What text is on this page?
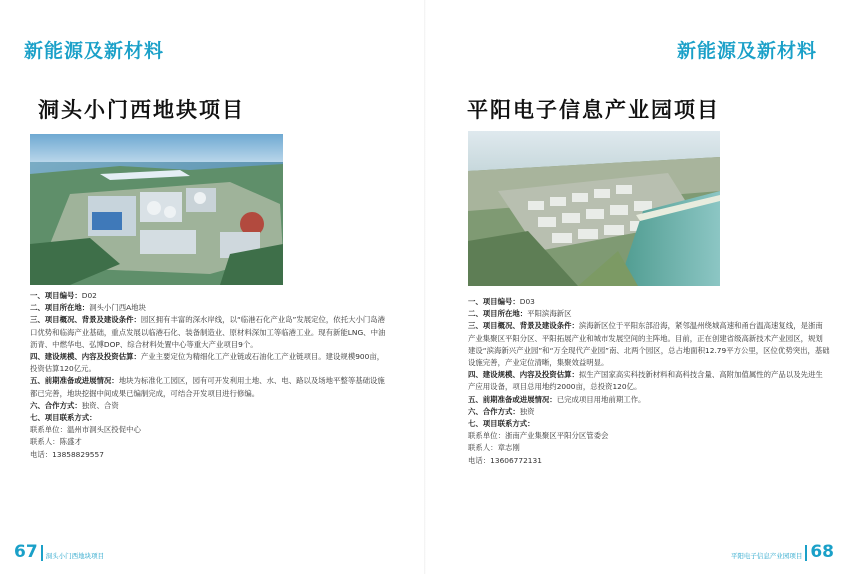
新能源及新材料
洞头小门西地块项目

一、项目编号：D02

二、项目所在地：洞头小门西A地块

三、项目概况、背景及建设条件：园区拥有丰富的深水岸线，以“临港石化产业岛”发展定位，依托大小门岛港口优势和临海产业基础，重点发展以临港石化、装备制造业、原材料深加工等临港工业。现有新能LNG、中油沥青、中燃华电、弘博DOP、综合材料处置中心等重大产业项目9个。

四、建设规模、内容及投资估算：产业主要定位为精细化工产业链或石油化工产业链项目。建设规模900亩，投资估算120亿元。

五、前期准备或进展情况：地块为标准化工园区，园有可开发利用土地、水、电、路以及场地平整等基础设施都已完善，地块挖掘中间成果已编制完成，可结合开发项目进行修编。

六、合作方式：独资、合资

七、项目联系方式：

联系单位：温州市洞头区投促中心

联系人：陈盛才

电话：13858829557

67 洞头小门西地块项目
新能源及新材料
平阳电子信息产业园项目

一、项目编号：D03

二、项目所在地：平阳滨海新区

三、项目概况、背景及建设条件：滨海新区位于平阳东部沿海，紧邻温州绕城高速和甬台温高速复线，是浙南产业集聚区平阳分区、平阳拓展产业和城市发展空间的主阵地。目前，正在创建省级高新技术产业园区，规划建设“滨海新兴产业园”和“万全现代产业园”南、北两个园区，总占地面积12.79平方公里，区位优势突出，基础设施完善，产业定位清晰，集聚效益明显。

四、建设规模、内容及投资估算：拟生产国家高实科技新材料和高科技含量、高附加值属性的产品以及先进生产应用设备，项目总用地约2000亩，总投资120亿。

五、前期准备或进展情况：已完成项目用地前期工作。

六、合作方式：独资

七、项目联系方式：

联系单位：浙南产业集聚区平阳分区管委会

联系人：章志刚

电话：13606772131

平阳电子信息产业园项目 68
